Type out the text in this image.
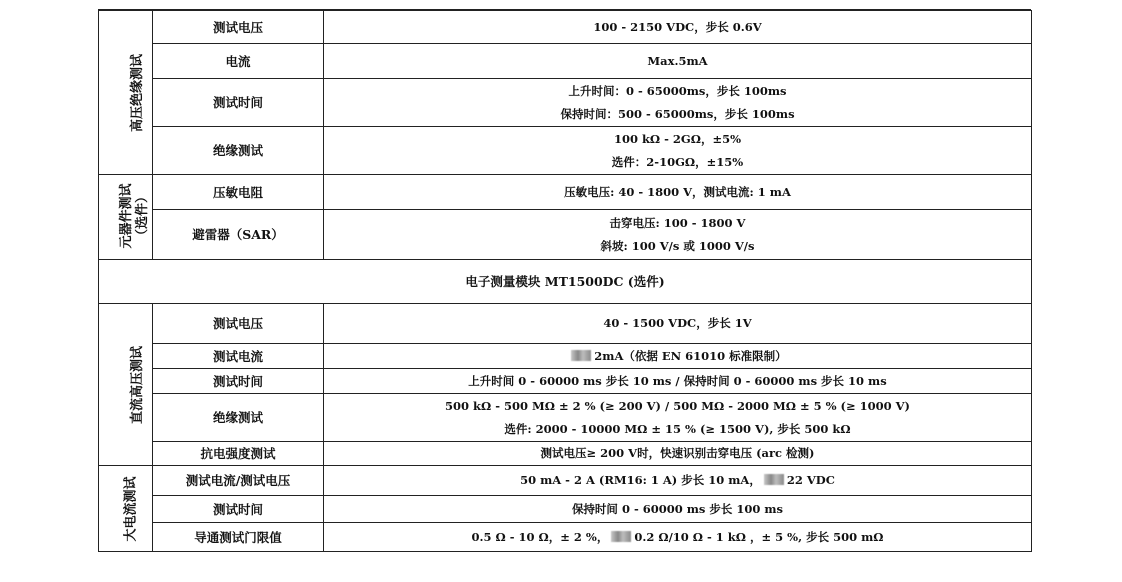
高压绝缘测试	测试电压	100 - 2150 VDC，步长 0.6V

	电流	Max.5mA

	测试时间	上升时间：0 - 65000ms，步长 100ms
保持时间：500 - 65000ms，步长 100ms

	绝缘测试	100 kΩ - 2GΩ，±5%
选件：2-10GΩ，±15%

元器件测试（选件）	压敏电阻	压敏电压: 40 - 1800 V，测试电流: 1 mA

	避雷器（SAR）	击穿电压: 100 - 1800 V
斜坡: 100 V/s 或 1000 V/s

电子测量模块 MT1500DC (选件)		
直流高压测试	测试电压	40 - 1500 VDC，步长 1V

	测试电流	2mA（依据 EN 61010 标准限制）
	测试时间	上升时间 0 - 60000 ms 步长 10 ms / 保持时间 0 - 60000 ms 步长 10 ms

	绝缘测试	500 kΩ - 500 MΩ ± 2 % (≥ 200 V) / 500 MΩ - 2000 MΩ ± 5 % (≥ 1000 V)
选件: 2000 - 10000 MΩ ± 15 % (≥ 1500 V), 步长 500 kΩ

	抗电强度测试	测试电压≥ 200 V时，快速识别击穿电压 (arc 检测)

大电流测试	测试电流/测试电压	50 mA - 2 A (RM16: 1 A) 步长 10 mA， 22 VDC
	测试时间	保持时间 0 - 60000 ms 步长 100 ms

	导通测试门限值	0.5 Ω - 10 Ω，± 2 %， 0.2 Ω/10 Ω - 1 kΩ ，± 5 %, 步长 500 mΩ
